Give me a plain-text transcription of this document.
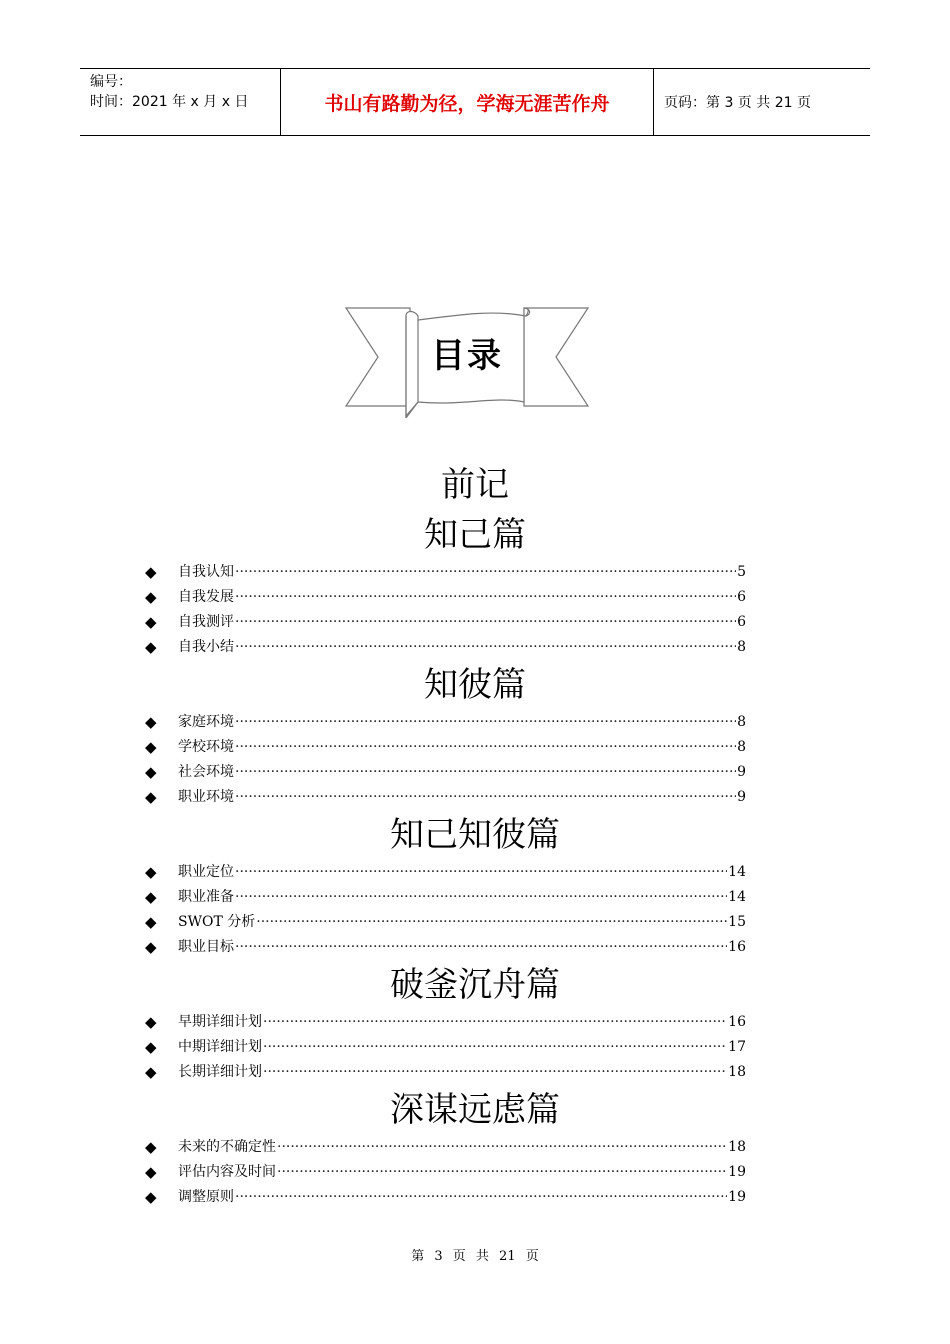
编号：
时间：2021 年 x 月 x 日	书山有路勤为径，学海无涯苦作舟	页码：第 3 页 共 21 页
目录
前记
知己篇
◆ 自我认知 ·····	5
◆ 自我发展 ·····	6
◆ 自我测评 ·····	6
◆ 自我小结 ·····	8
知彼篇
◆ 家庭环境 ·····	8
◆ 学校环境 ·····	8
◆ 社会环境 ·····	9
◆ 职业环境 ·····	9
知己知彼篇
◆ 职业定位 ·····	14
◆ 职业准备 ·····	14
◆ SWOT 分析 ·····	15
◆ 职业目标 ·····	16
破釜沉舟篇
◆ 早期详细计划 ·····	16
◆ 中期详细计划 ·····	17
◆ 长期详细计划 ·····	18
深谋远虑篇
◆ 未来的不确定性 ·····	18
◆ 评估内容及时间 ·····	19
◆ 调整原则 ·····	19
第 3 页 共 21 页
